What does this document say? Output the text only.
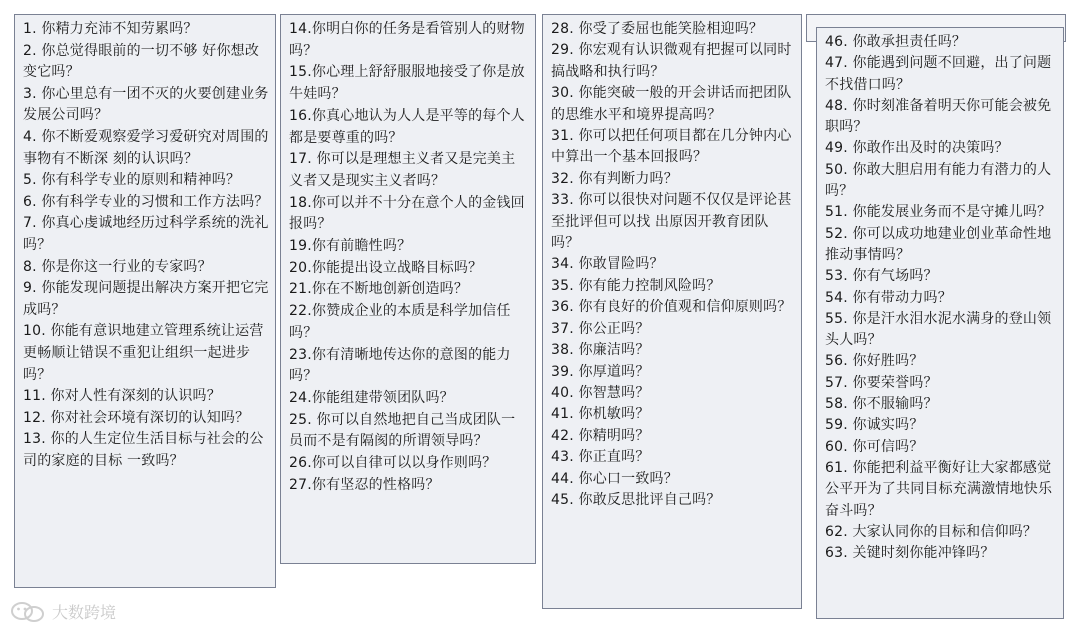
1. 你精力充沛不知劳累吗？

2. 你总觉得眼前的一切不够 好你想改变它吗？

3. 你心里总有一团不灭的火要创建业务发展公司吗？

4. 你不断爱观察爱学习爱研究对周围的事物有不断深 刻的认识吗？

5. 你有科学专业的原则和精神吗？

6. 你有科学专业的习惯和工作方法吗？

7. 你真心虔诚地经历过科学系统的洗礼吗？

8. 你是你这一行业的专家吗？

9. 你能发现问题提出解决方案开把它完成吗？

10. 你能有意识地建立管理系统让运营更畅顺让错误不重犯让组织一起进步吗？

11. 你对人性有深刻的认识吗？

12. 你对社会环境有深切的认知吗？

13. 你的人生定位生活目标与社会的公司的家庭的目标 一致吗？

14.你明白你的任务是看管别人的财物吗？

15.你心理上舒舒服服地接受了你是放牛娃吗？

16.你真心地认为人人是平等的每个人都是要尊重的吗？

17. 你可以是理想主义者又是完美主义者又是现实主义者吗？

18.你可以并不十分在意个人的金钱回报吗？

19.你有前瞻性吗？

20.你能提出设立战略目标吗？

21.你在不断地创新创造吗？

22.你赞成企业的本质是科学加信任吗？

23.你有清晰地传达你的意图的能力吗？

24.你能组建带领团队吗？

25. 你可以自然地把自己当成团队一员而不是有隔阂的所谓领导吗？

26.你可以自律可以以身作则吗？

27.你有坚忍的性格吗？

28. 你受了委屈也能笑脸相迎吗？

29. 你宏观有认识微观有把握可以同时搞战略和执行吗？

30. 你能突破一般的开会讲话而把团队的思维水平和境界提高吗？

31. 你可以把任何项目都在几分钟内心中算出一个基本回报吗？

32. 你有判断力吗？

33. 你可以很快对问题不仅仅是评论甚至批评但可以找 出原因开教育团队吗？

34. 你敢冒险吗？

35. 你有能力控制风险吗？

36. 你有良好的价值观和信仰原则吗？

37. 你公正吗？

38. 你廉洁吗？

39. 你厚道吗？

40. 你智慧吗？

41. 你机敏吗？

42. 你精明吗？

43. 你正直吗？

44. 你心口一致吗？

45. 你敢反思批评自己吗？

46. 你敢承担责任吗？

47. 你能遇到问题不回避，出了问题不找借口吗？

48. 你时刻准备着明天你可能会被免职吗？

49. 你敢作出及时的决策吗？

50. 你敢大胆启用有能力有潜力的人吗？

51. 你能发展业务而不是守摊儿吗？

52. 你可以成功地建业创业革命性地推动事情吗？

53. 你有气场吗？

54. 你有带动力吗？

55. 你是汗水泪水泥水满身的登山领头人吗？

56. 你好胜吗？

57. 你要荣誉吗？

58. 你不服输吗？

59. 你诚实吗？

60. 你可信吗？

61. 你能把利益平衡好让大家都感觉公平开为了共同目标充满激情地快乐奋斗吗？

62. 大家认同你的目标和信仰吗？

63. 关键时刻你能冲锋吗？

大数跨境
